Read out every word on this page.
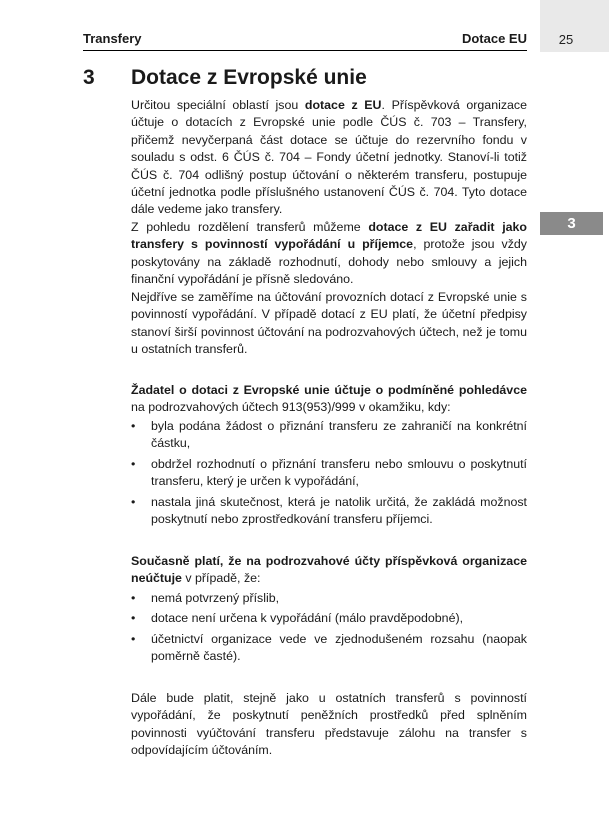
25
Transfery	Dotace EU
3
3 Dotace z Evropské unie

Určitou speciální oblastí jsou dotace z EU. Příspěvková organizace účtuje o dotacích z Evropské unie podle ČÚS č. 703 – Transfery, přičemž nevyčerpaná část dotace se účtuje do rezervního fondu v souladu s odst. 6 ČÚS č. 704 – Fondy účetní jednotky. Stanoví-li totiž ČÚS č. 704 odlišný postup účtování o některém transferu, postupuje účetní jednotka podle příslušného ustanovení ČÚS č. 704. Tyto dotace dále vedeme jako transfery.

Z pohledu rozdělení transferů můžeme dotace z EU zařadit jako transfery s povinností vypořádání u příjemce, protože jsou vždy poskytovány na základě rozhodnutí, dohody nebo smlouvy a jejich finanční vypořádání je přísně sledováno.

Nejdříve se zaměříme na účtování provozních dotací z Evropské unie s povinností vypořádání. V případě dotací z EU platí, že účetní předpisy stanoví širší povinnost účtování na podrozvahových účtech, než je tomu u ostatních transferů.

Žadatel o dotaci z Evropské unie účtuje o podmíněné pohledávce na podrozvahových účtech 913(953)/999 v okamžiku, kdy:

• byla podána žádost o přiznání transferu ze zahraničí na konkrétní částku,
• obdržel rozhodnutí o přiznání transferu nebo smlouvu o poskytnutí transferu, který je určen k vypořádání,
• nastala jiná skutečnost, která je natolik určitá, že zakládá možnost poskytnutí nebo zprostředkování transferu příjemci.

Současně platí, že na podrozvahové účty příspěvková organizace neúčtuje v případě, že:

• nemá potvrzený příslib,
• dotace není určena k vypořádání (málo pravděpodobné),
• účetnictví organizace vede ve zjednodušeném rozsahu (naopak poměrně časté).

Dále bude platit, stejně jako u ostatních transferů s povinností vypořádání, že poskytnutí peněžních prostředků před splněním povinnosti vyúčtování transferu představuje zálohu na transfer s odpovídajícím účtováním.
